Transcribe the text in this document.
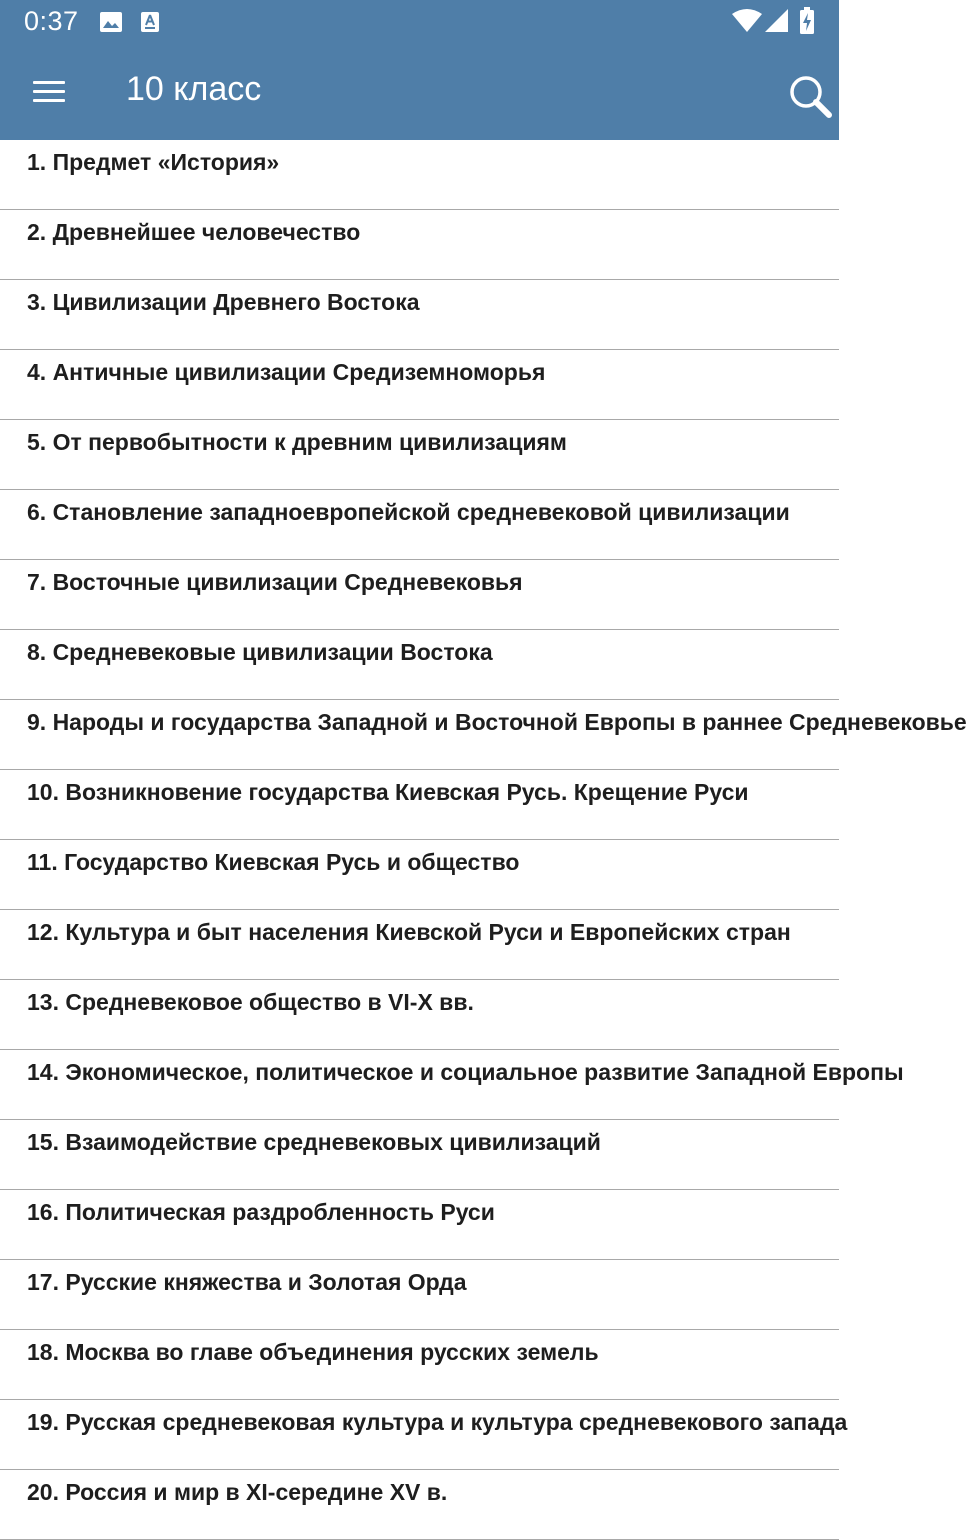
0:37
10 класс
1. Предмет «История»
2. Древнейшее человечество
3. Цивилизации Древнего Востока
4. Античные цивилизации Средиземноморья
5. От первобытности к древним цивилизациям
6. Становление западноевропейской средневековой цивилизации
7. Восточные цивилизации Средневековья
8. Средневековые цивилизации Востока
9. Народы и государства Западной и Восточной Европы в раннее Средневековье
10. Возникновение государства Киевская Русь. Крещение Руси
11. Государство Киевская Русь и общество
12. Культура и быт населения Киевской Руси и Европейских стран
13. Средневековое общество в VI-X вв.
14. Экономическое, политическое и социальное развитие Западной Европы
15. Взаимодействие средневековых цивилизаций
16. Политическая раздробленность Руси
17. Русские княжества и Золотая Орда
18. Москва во главе объединения русских земель
19. Русская средневековая культура и культура средневекового запада
20. Россия и мир в XI-середине XV в.
